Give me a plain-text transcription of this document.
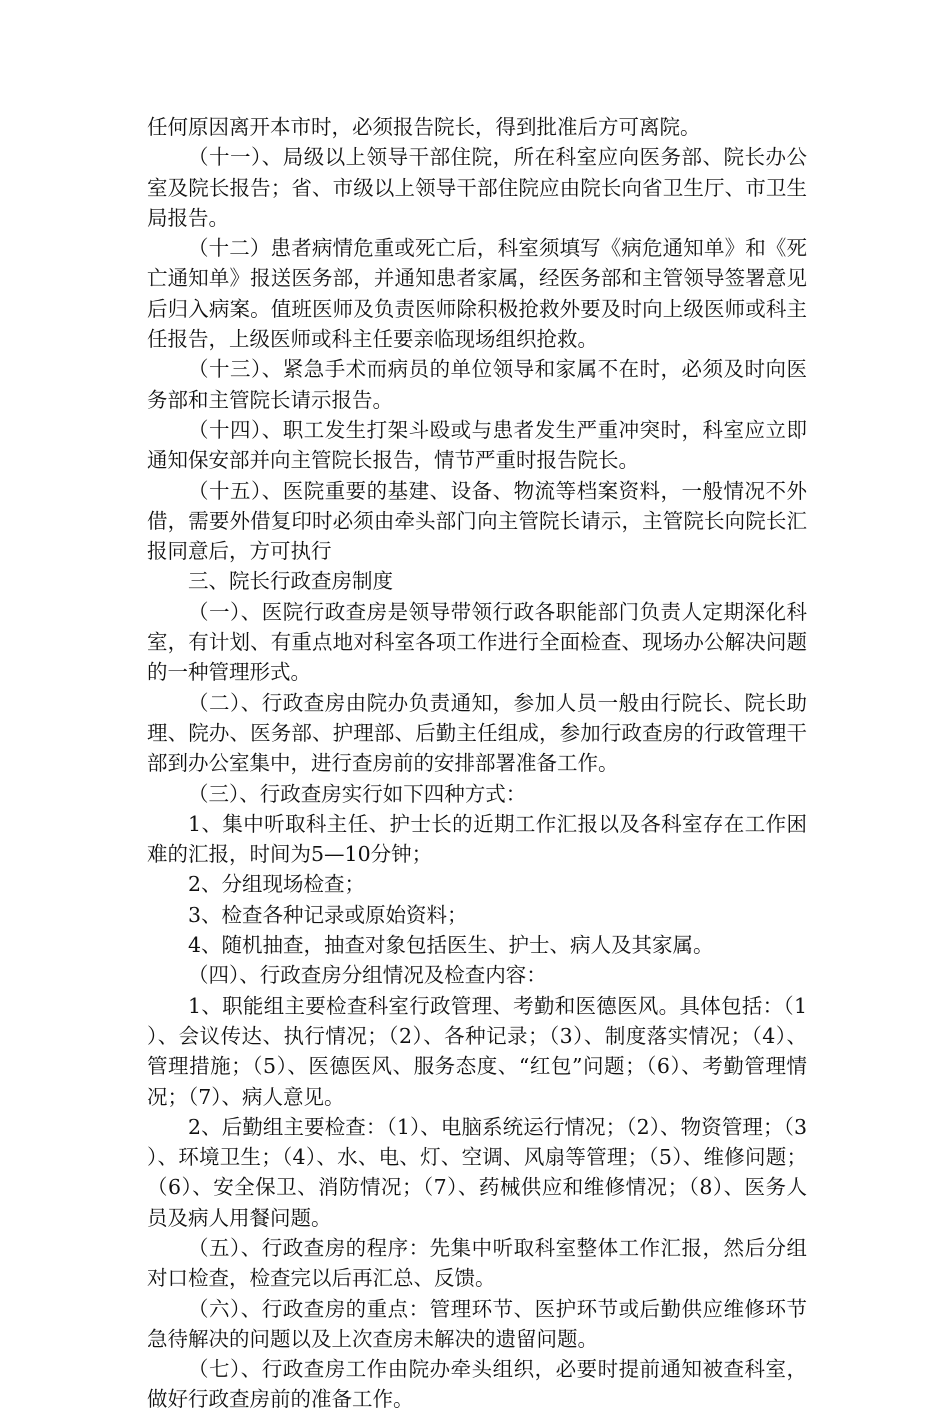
任何原因离开本市时，必须报告院长，得到批准后方可离院。

（十一）、局级以上领导干部住院，所在科室应向医务部、院长办公室及院长报告；省、市级以上领导干部住院应由院长向省卫生厅、市卫生局报告。

（十二）患者病情危重或死亡后，科室须填写《病危通知单》和《死亡通知单》报送医务部，并通知患者家属，经医务部和主管领导签署意见后归入病案。值班医师及负责医师除积极抢救外要及时向上级医师或科主任报告，上级医师或科主任要亲临现场组织抢救。

（十三）、紧急手术而病员的单位领导和家属不在时，必须及时向医务部和主管院长请示报告。

（十四）、职工发生打架斗殴或与患者发生严重冲突时，科室应立即通知保安部并向主管院长报告，情节严重时报告院长。

（十五）、医院重要的基建、设备、物流等档案资料，一般情况不外借，需要外借复印时必须由牵头部门向主管院长请示，主管院长向院长汇报同意后，方可执行

三、院长行政查房制度

（一）、医院行政查房是领导带领行政各职能部门负责人定期深化科室，有计划、有重点地对科室各项工作进行全面检查、现场办公解决问题的一种管理形式。

（二）、行政查房由院办负责通知，参加人员一般由行院长、院长助理、院办、医务部、护理部、后勤主任组成，参加行政查房的行政管理干部到办公室集中，进行查房前的安排部署准备工作。

（三）、行政查房实行如下四种方式：

1、集中听取科主任、护士长的近期工作汇报以及各科室存在工作困难的汇报，时间为5—10分钟；

2、分组现场检查；

3、检查各种记录或原始资料；

4、随机抽查，抽查对象包括医生、护士、病人及其家属。

（四）、行政查房分组情况及检查内容：

1、职能组主要检查科室行政管理、考勤和医德医风。具体包括：（1）、会议传达、执行情况；（2）、各种记录；（3）、制度落实情况；（4）、管理措施；（5）、医德医风、服务态度、“红包”问题；（6）、考勤管理情况；（7）、病人意见。

2、后勤组主要检查：（1）、电脑系统运行情况；（2）、物资管理；（3）、环境卫生；（4）、水、电、灯、空调、风扇等管理；（5）、维修问题；（6）、安全保卫、消防情况；（7）、药械供应和维修情况；（8）、医务人员及病人用餐问题。

（五）、行政查房的程序：先集中听取科室整体工作汇报，然后分组对口检查，检查完以后再汇总、反馈。

（六）、行政查房的重点：管理环节、医护环节或后勤供应维修环节急待解决的问题以及上次查房未解决的遗留问题。

（七）、行政查房工作由院办牵头组织，必要时提前通知被查科室，做好行政查房前的准备工作。
